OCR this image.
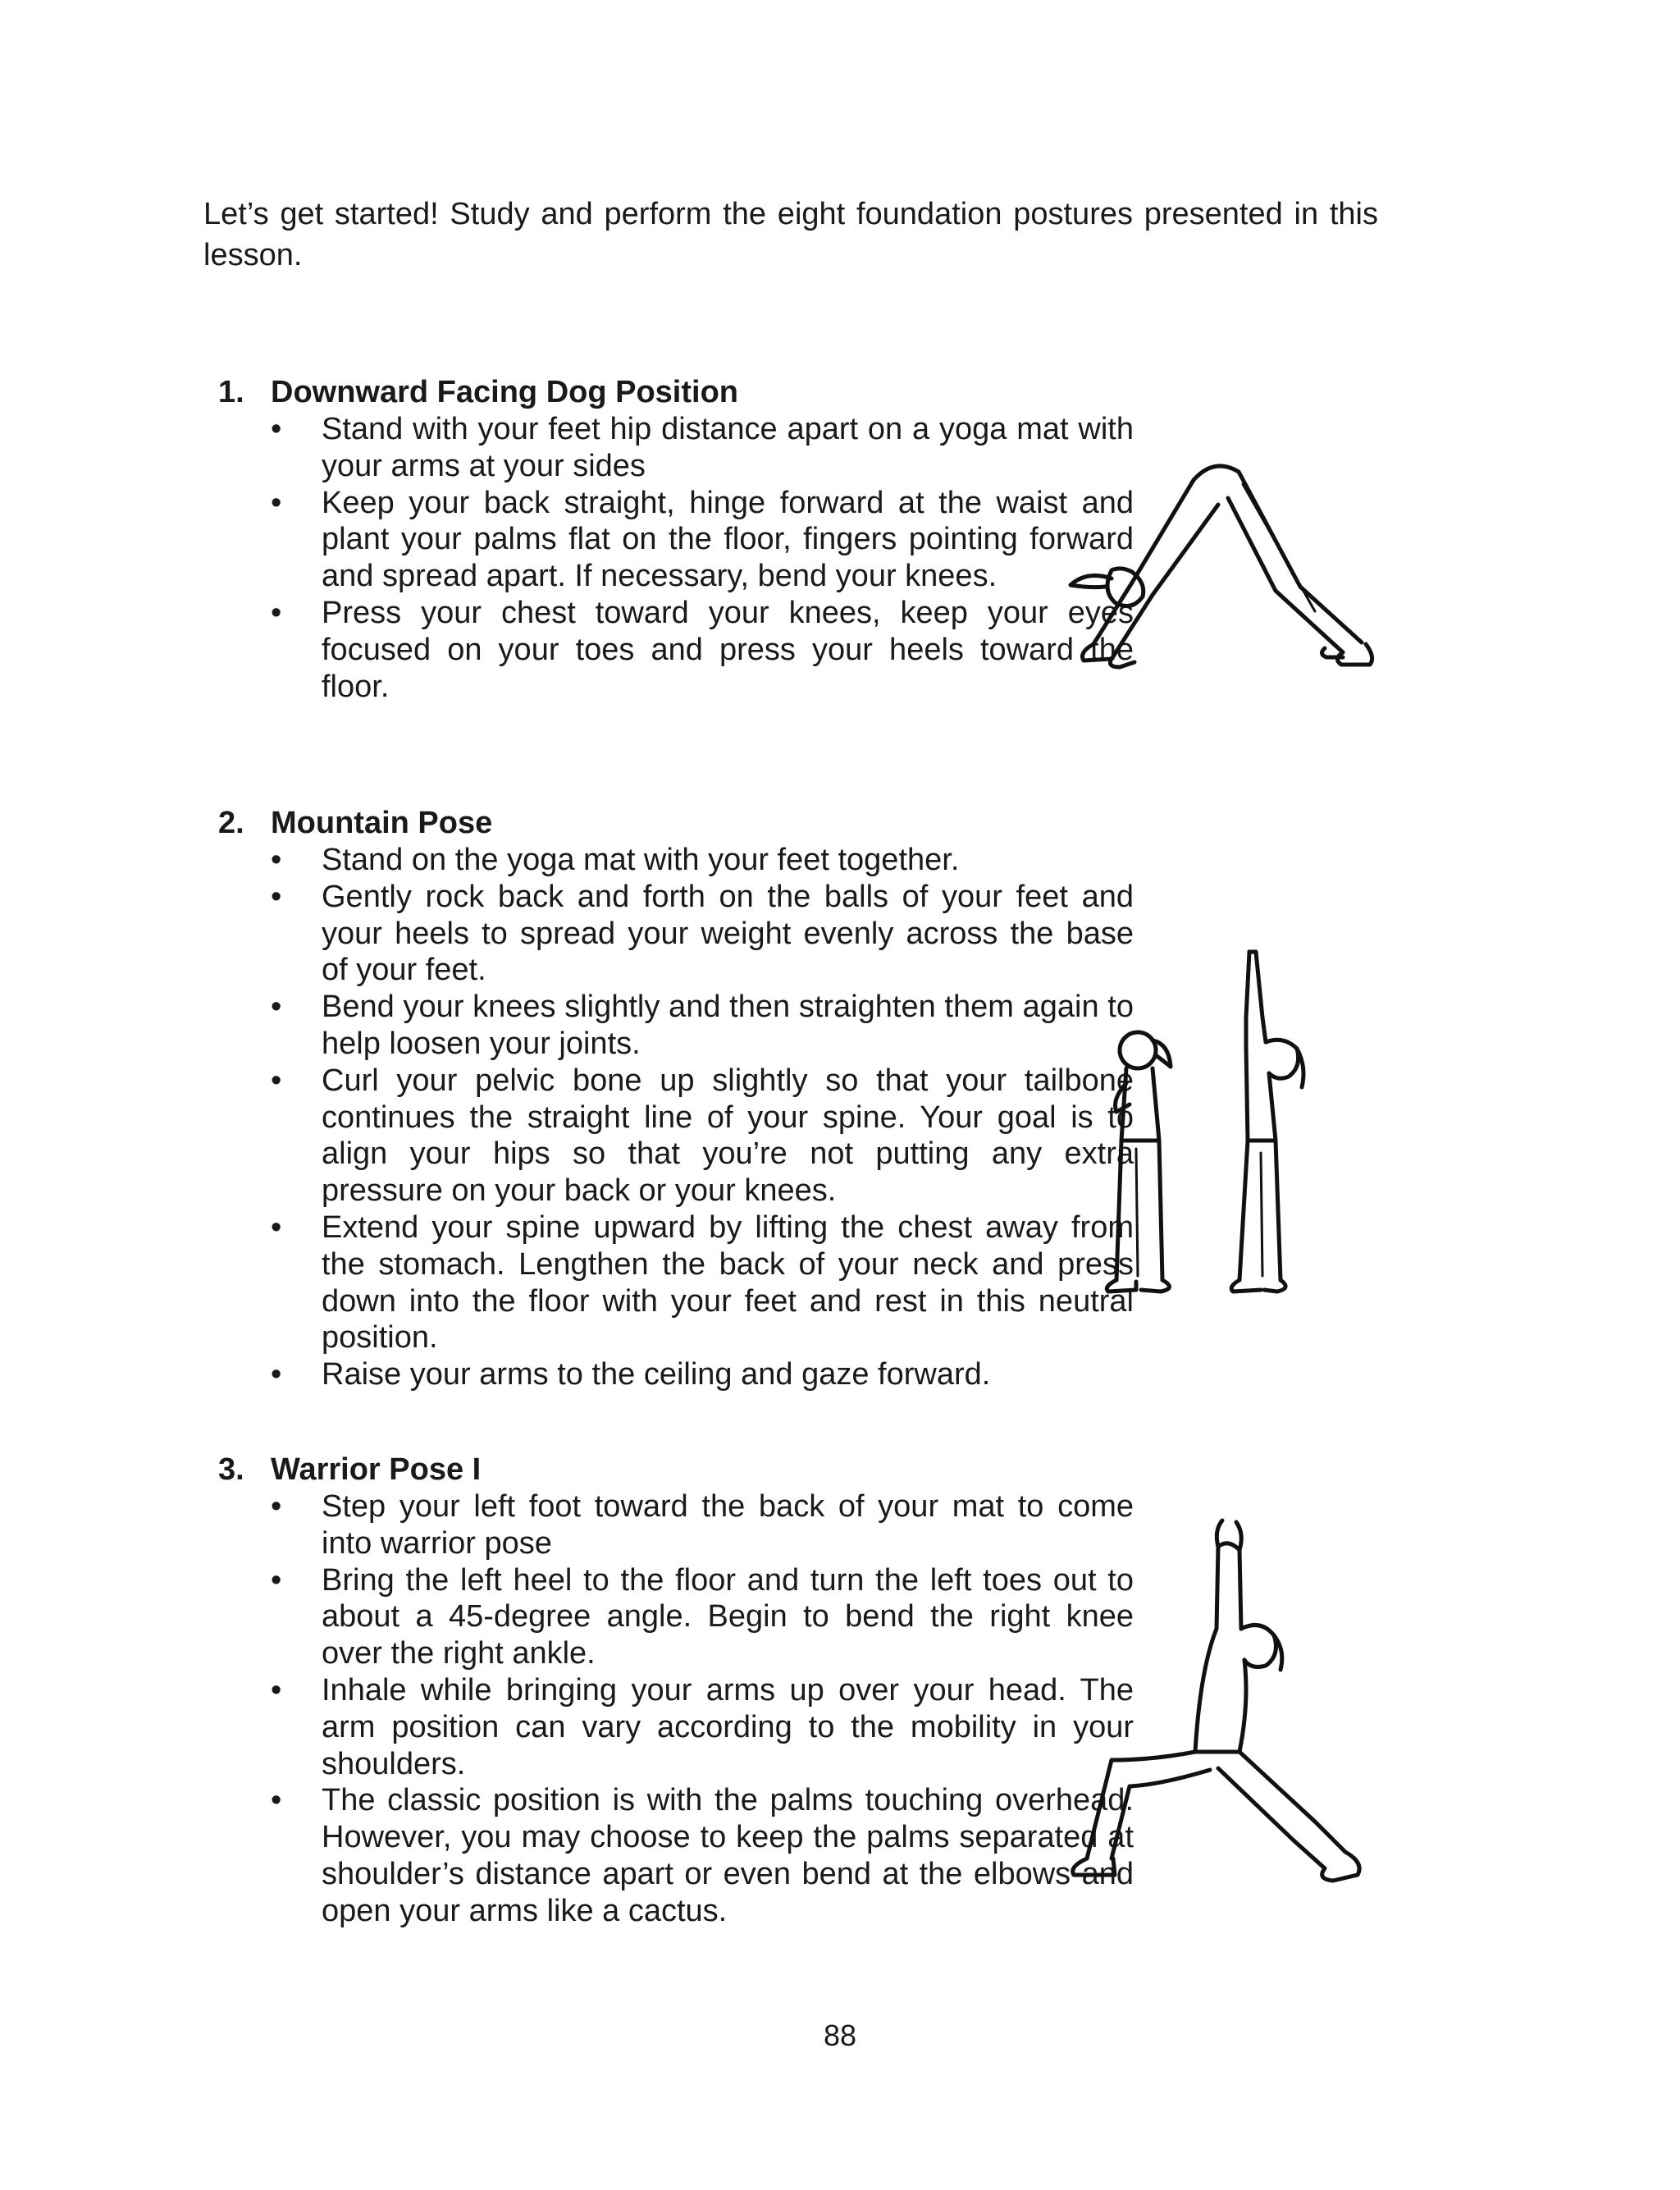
Let’s get started! Study and perform the eight foundation postures presented in this lesson.

1. Downward Facing Dog Position
• Stand with your feet hip distance apart on a yoga mat with your arms at your sides
• Keep your back straight, hinge forward at the waist and plant your palms flat on the floor, fingers pointing forward and spread apart. If necessary, bend your knees.
• Press your chest toward your knees, keep your eyes focused on your toes and press your heels toward the floor.
2. Mountain Pose
• Stand on the yoga mat with your feet together.
• Gently rock back and forth on the balls of your feet and your heels to spread your weight evenly across the base of your feet.
• Bend your knees slightly and then straighten them again to help loosen your joints.
• Curl your pelvic bone up slightly so that your tailbone continues the straight line of your spine. Your goal is to align your hips so that you’re not putting any extra pressure on your back or your knees.
• Extend your spine upward by lifting the chest away from the stomach. Lengthen the back of your neck and press down into the floor with your feet and rest in this neutral position.
• Raise your arms to the ceiling and gaze forward.
3. Warrior Pose I
• Step your left foot toward the back of your mat to come into warrior pose
• Bring the left heel to the floor and turn the left toes out to about a 45-degree angle. Begin to bend the right knee over the right ankle.
• Inhale while bringing your arms up over your head. The arm position can vary according to the mobility in your shoulders.
• The classic position is with the palms touching overhead. However, you may choose to keep the palms separated at shoulder’s distance apart or even bend at the elbows and open your arms like a cactus.
88
